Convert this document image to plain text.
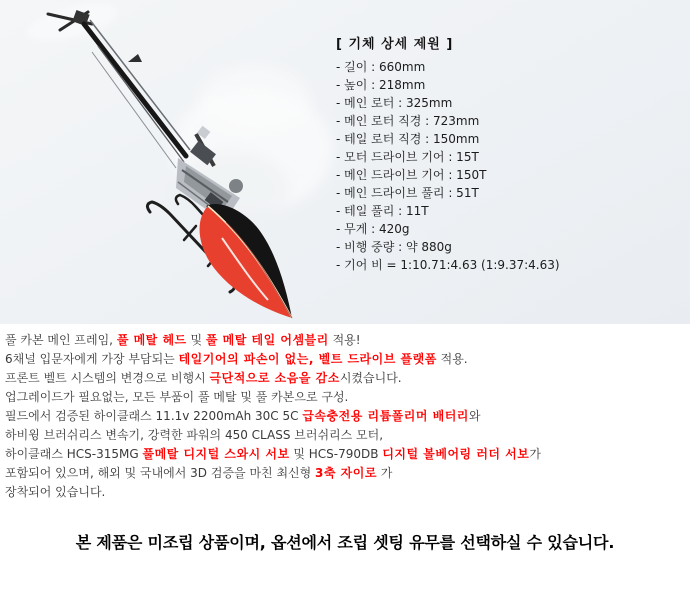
[ 기체 상세 제원 ]
- 길이 : 660mm
- 높이 : 218mm
- 메인 로터 : 325mm
- 메인 로터 직경 : 723mm
- 테일 로터 직경 : 150mm
- 모터 드라이브 기어 : 15T
- 메인 드라이브 기어 : 150T
- 메인 드라이브 풀리 : 51T
- 테일 풀리 : 11T
- 무게 : 420g
- 비행 중량 : 약 880g
- 기어 비 = 1:10.71:4.63 (1:9.37:4.63)
풀 카본 메인 프레임, 풀 메탈 헤드 및 풀 메탈 테일 어셈블리 적용!
6채널 입문자에게 가장 부담되는 테일기어의 파손이 없는, 벨트 드라이브 플랫폼 적용.
프론트 벨트 시스템의 변경으로 비행시 극단적으로 소음을 감소시켰습니다.
업그레이드가 필요없는, 모든 부품이 풀 메탈 및 풀 카본으로 구성.
필드에서 검증된 하이클래스 11.1v 2200mAh 30C 5C 급속충전용 리튬폴리머 배터리와
하비윙 브러쉬리스 변속기, 강력한 파워의 450 CLASS 브러쉬리스 모터,
하이클래스 HCS-315MG 풀메탈 디지털 스와시 서보 및 HCS-790DB 디지털 볼베어링 러더 서보가
포함되어 있으며, 해외 및 국내에서 3D 검증을 마친 최신형 3축 자이로 가
장착되어 있습니다.
본 제품은 미조립 상품이며, 옵션에서 조립 셋팅 유무를 선택하실 수 있습니다.
